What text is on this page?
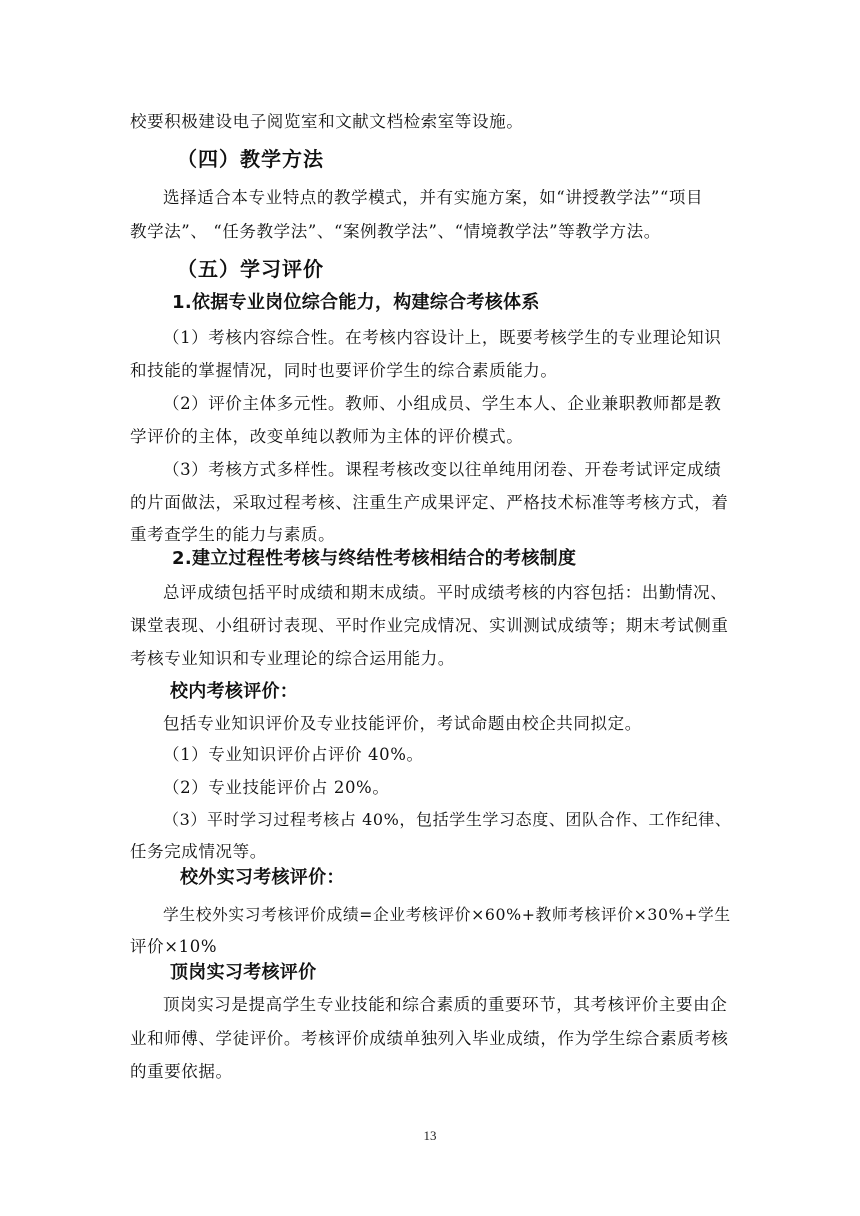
校要积极建设电子阅览室和文献文档检索室等设施。
（四）教学方法
选择适合本专业特点的教学模式，并有实施方案，如“讲授教学法”“项目
教学法”、 “任务教学法”、“案例教学法”、“情境教学法”等教学方法。
（五）学习评价
1.依据专业岗位综合能力，构建综合考核体系
（1）考核内容综合性。在考核内容设计上，既要考核学生的专业理论知识
和技能的掌握情况，同时也要评价学生的综合素质能力。
（2）评价主体多元性。教师、小组成员、学生本人、企业兼职教师都是教
学评价的主体，改变单纯以教师为主体的评价模式。
（3）考核方式多样性。课程考核改变以往单纯用闭卷、开卷考试评定成绩
的片面做法，采取过程考核、注重生产成果评定、严格技术标准等考核方式，着
重考查学生的能力与素质。
2.建立过程性考核与终结性考核相结合的考核制度
总评成绩包括平时成绩和期末成绩。平时成绩考核的内容包括：出勤情况、
课堂表现、小组研讨表现、平时作业完成情况、实训测试成绩等；期末考试侧重
考核专业知识和专业理论的综合运用能力。
校内考核评价：
包括专业知识评价及专业技能评价，考试命题由校企共同拟定。
（1）专业知识评价占评价 40%。
（2）专业技能评价占 20%。
（3）平时学习过程考核占 40%，包括学生学习态度、团队合作、工作纪律、
任务完成情况等。
校外实习考核评价：
学生校外实习考核评价成绩=企业考核评价×60%+教师考核评价×30%+学生
评价×10%
顶岗实习考核评价
顶岗实习是提高学生专业技能和综合素质的重要环节，其考核评价主要由企
业和师傅、学徒评价。考核评价成绩单独列入毕业成绩，作为学生综合素质考核
的重要依据。
13
